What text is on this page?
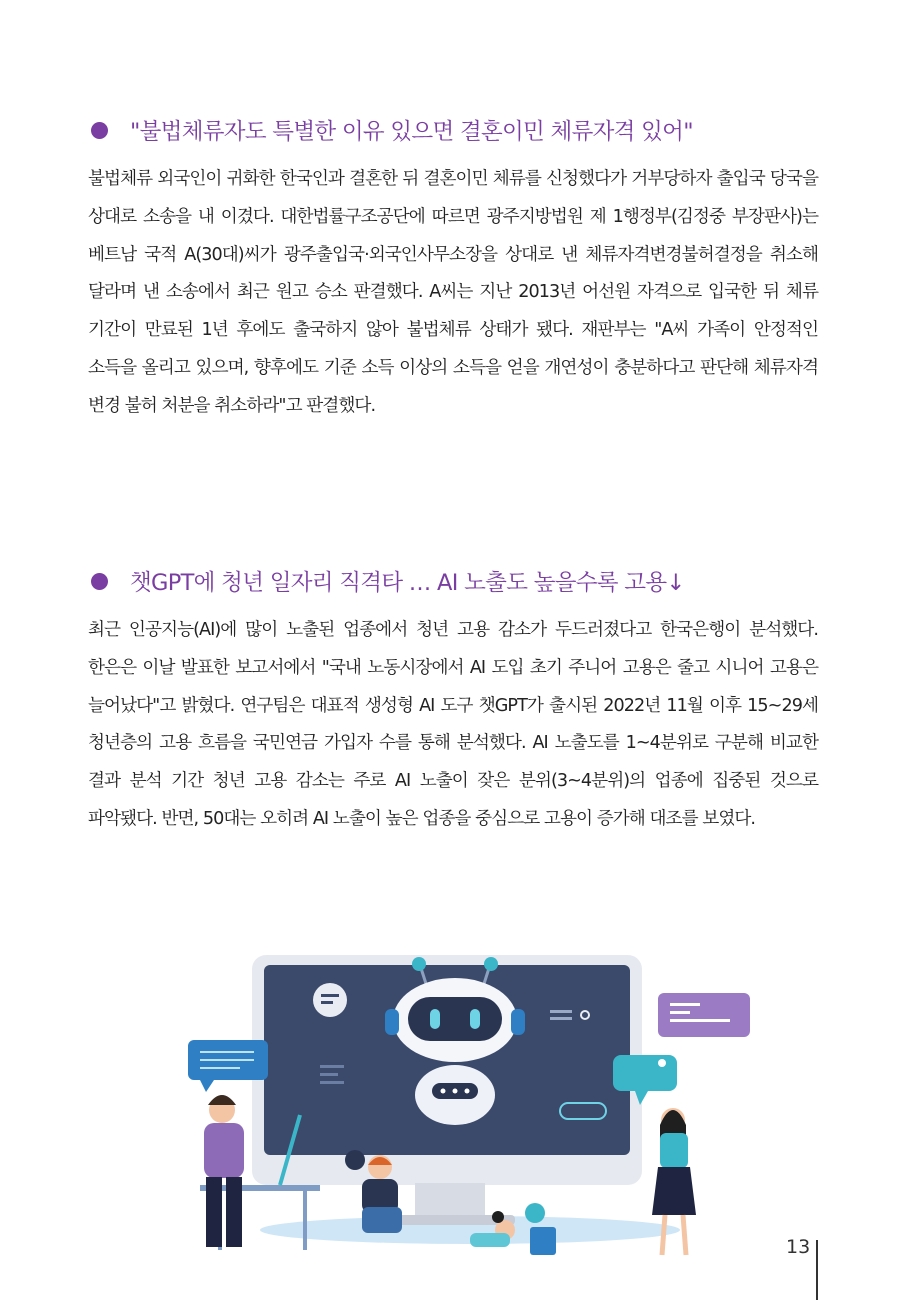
"불법체류자도 특별한 이유 있으면 결혼이민 체류자격 있어"

불법체류 외국인이 귀화한 한국인과 결혼한 뒤 결혼이민 체류를 신청했다가 거부당하자 출입국 당국을 상대로 소송을 내 이겼다. 대한법률구조공단에 따르면 광주지방법원 제 1행정부(김정중 부장판사)는 베트남 국적 A(30대)씨가 광주출입국·외국인사무소장을 상대로 낸 체류자격변경불허결정을 취소해 달라며 낸 소송에서 최근 원고 승소 판결했다. A씨는 지난 2013년 어선원 자격으로 입국한 뒤 체류 기간이 만료된 1년 후에도 출국하지 않아 불법체류 상태가 됐다. 재판부는 "A씨 가족이 안정적인 소득을 올리고 있으며, 향후에도 기준 소득 이상의 소득을 얻을 개연성이 충분하다고 판단해 체류자격 변경 불허 처분을 취소하라"고 판결했다.

챗GPT에 청년 일자리 직격타 … AI 노출도 높을수록 고용↓

최근 인공지능(AI)에 많이 노출된 업종에서 청년 고용 감소가 두드러졌다고 한국은행이 분석했다. 한은은 이날 발표한 보고서에서 "국내 노동시장에서 AI 도입 초기 주니어 고용은 줄고 시니어 고용은 늘어났다"고 밝혔다. 연구팀은 대표적 생성형 AI 도구 챗GPT가 출시된 2022년 11월 이후 15~29세 청년층의 고용 흐름을 국민연금 가입자 수를 통해 분석했다. AI 노출도를 1~4분위로 구분해 비교한 결과 분석 기간 청년 고용 감소는 주로 AI 노출이 잦은 분위(3~4분위)의 업종에 집중된 것으로 파악됐다. 반면, 50대는 오히려 AI 노출이 높은 업종을 중심으로 고용이 증가해 대조를 보였다.

13
